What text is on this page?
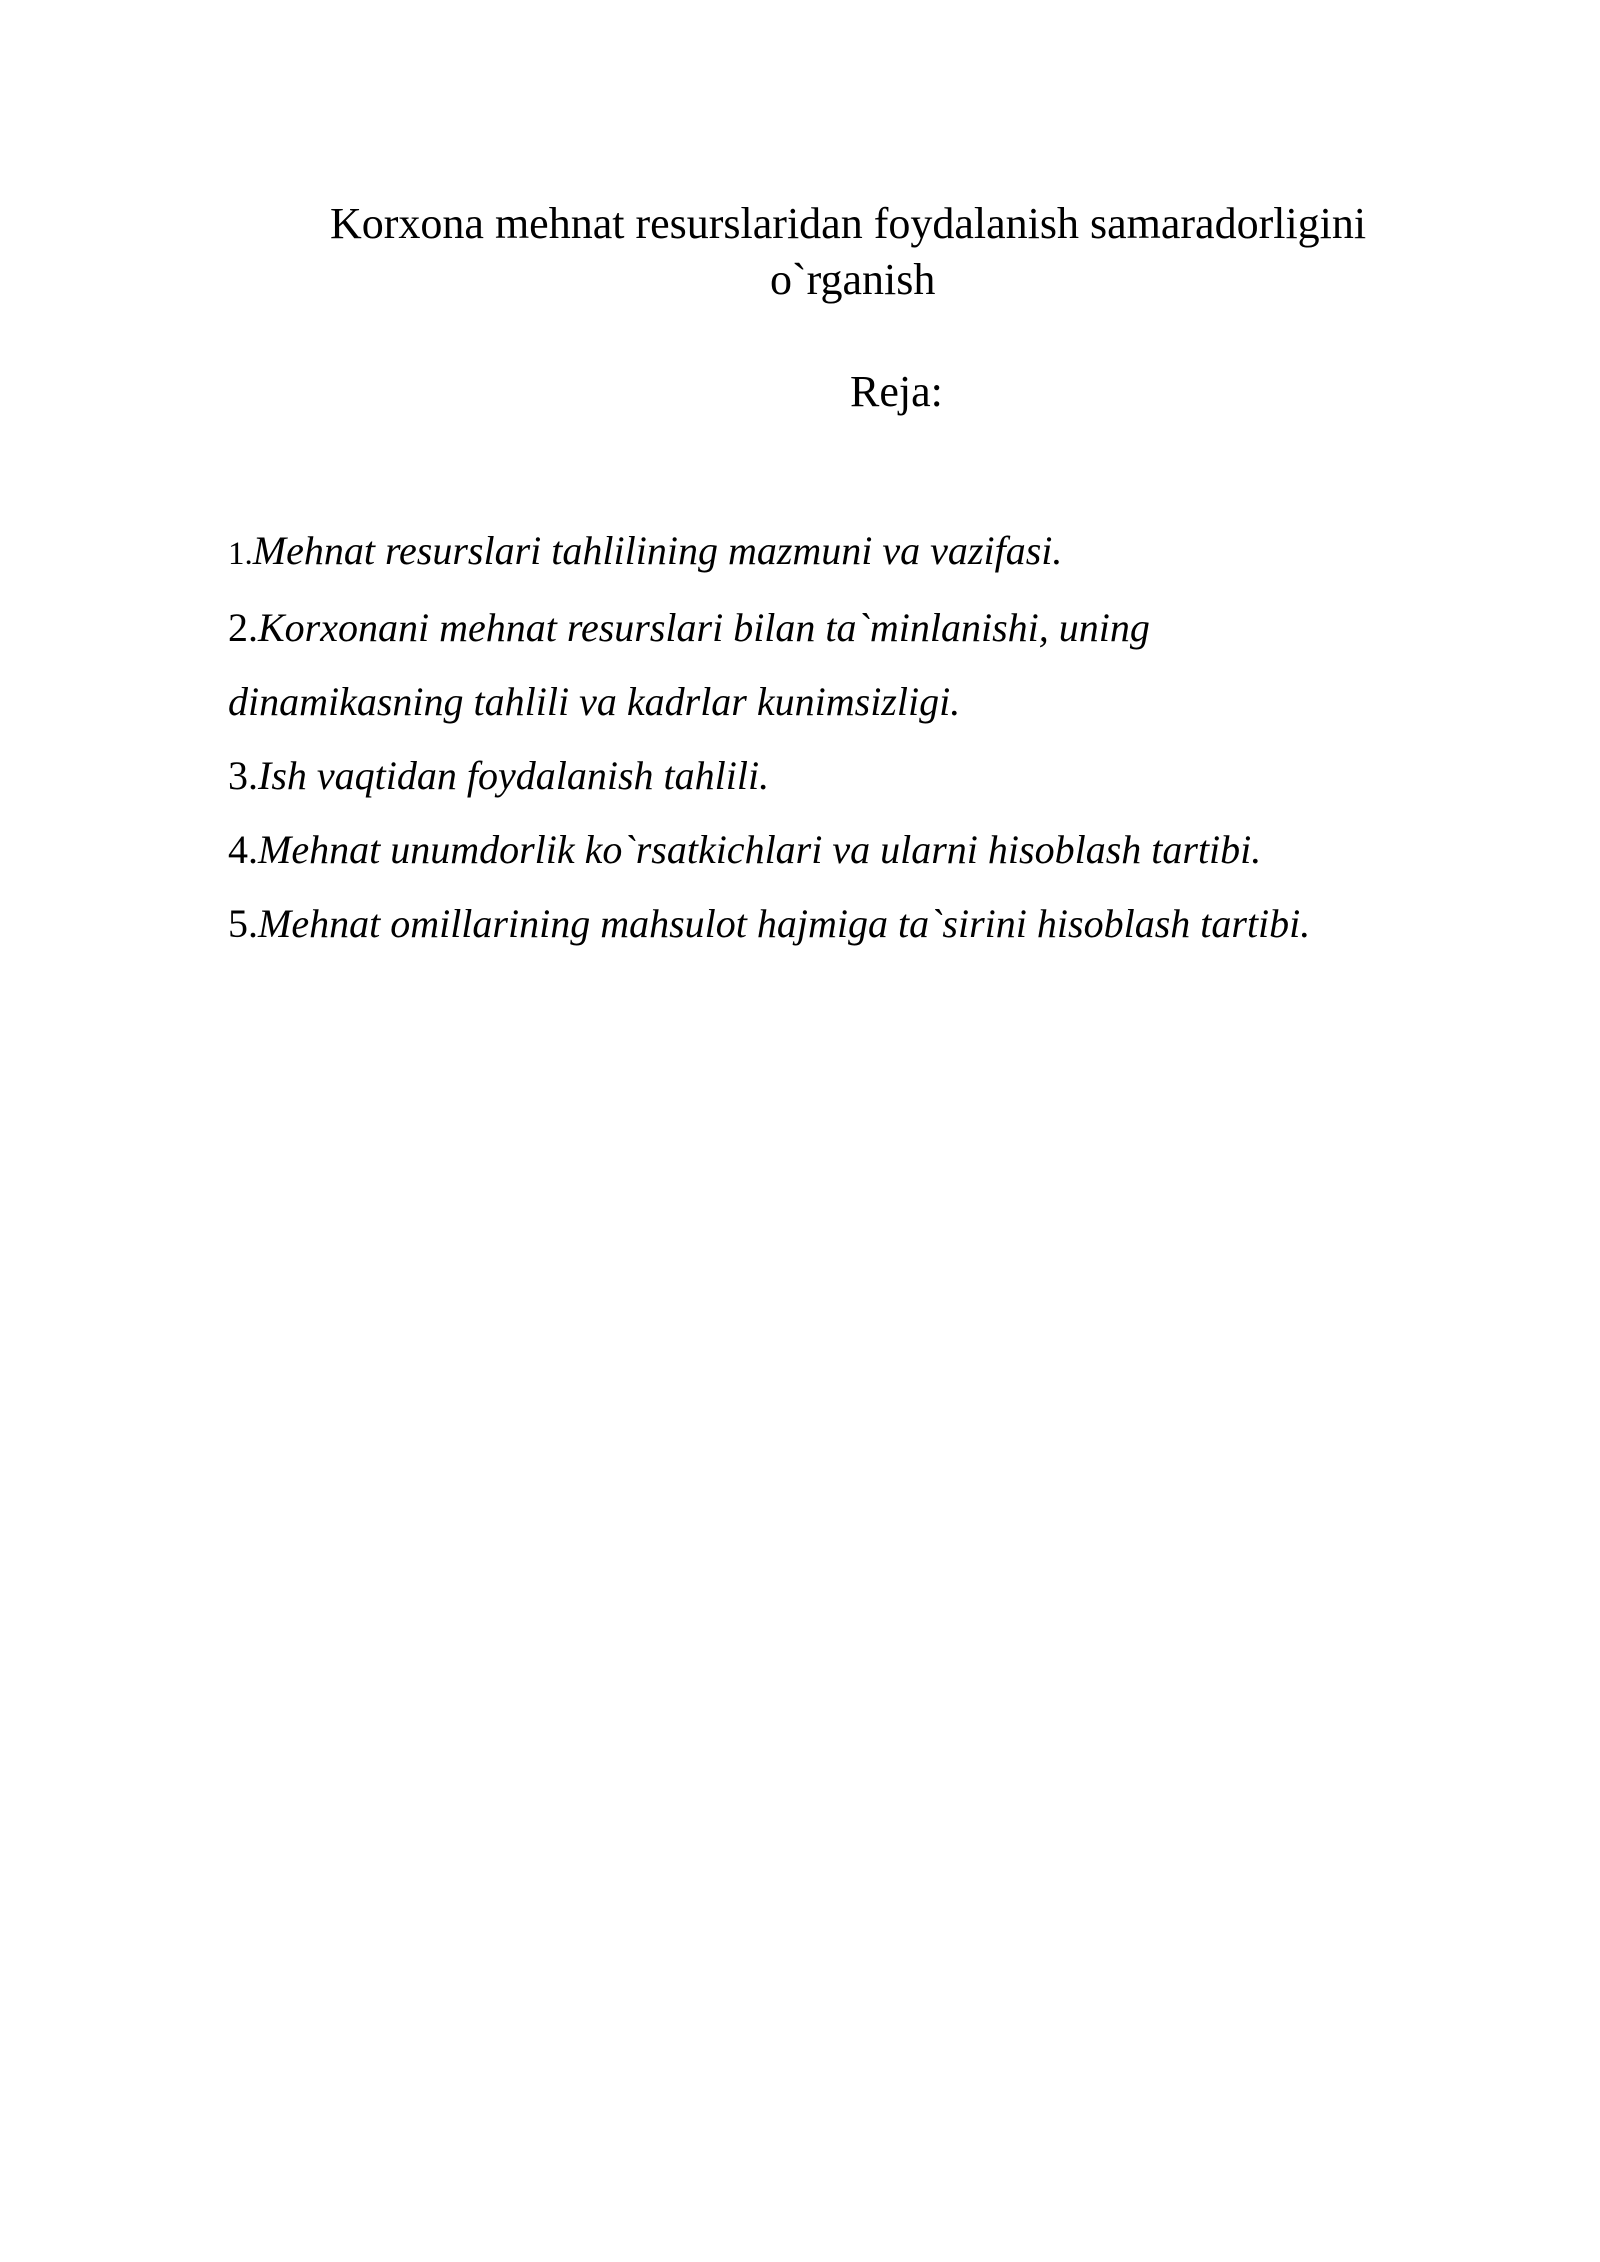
Korxona mehnat resurslaridan foydalanish samaradorligini
o`rganish

Reja:

1.Mehnat resurslari tahlilining mazmuni va vazifasi.
2.Korxonani mehnat resurslari bilan ta`minlanishi, uning
dinamikasning tahlili va kadrlar kunimsizligi.
3.Ish vaqtidan foydalanish tahlili.
4.Mehnat unumdorlik ko`rsatkichlari va ularni hisoblash tartibi.
5.Mehnat omillarining mahsulot hajmiga ta`sirini hisoblash tartibi.
